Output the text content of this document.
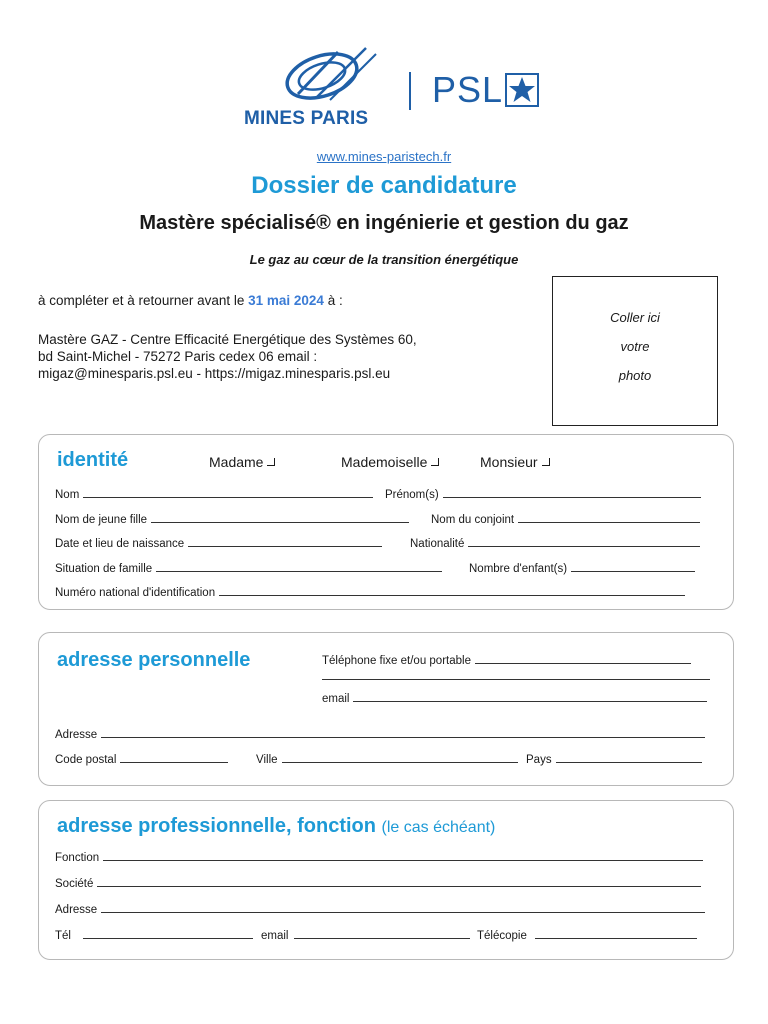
MINES PARIS
PSL
www.mines-paristech.fr
Dossier de candidature
Mastère spécialisé® en ingénierie et gestion du gaz
Le gaz au cœur de la transition énergétique
à compléter et à retourner avant le 31 mai 2024 à :
Mastère GAZ - Centre Efficacité Energétique des Systèmes 60,
bd Saint-Michel - 75272 Paris cedex 06 email :
migaz@minesparis.psl.eu - https://migaz.minesparis.psl.eu
Coller ici
votre
photo
identité	Madame	Mademoiselle	Monsieur
Nom	Prénom(s)
Nom de jeune fille	Nom du conjoint
Date et lieu de naissance	Nationalité
Situation de famille	Nombre d'enfant(s)
Numéro national d'identification
adresse personnelle	Téléphone fixe et/ou portable
email
Adresse
Code postal	Ville	Pays
adresse professionnelle, fonction (le cas échéant)
Fonction
Société
Adresse
Tél	email	Télécopie
